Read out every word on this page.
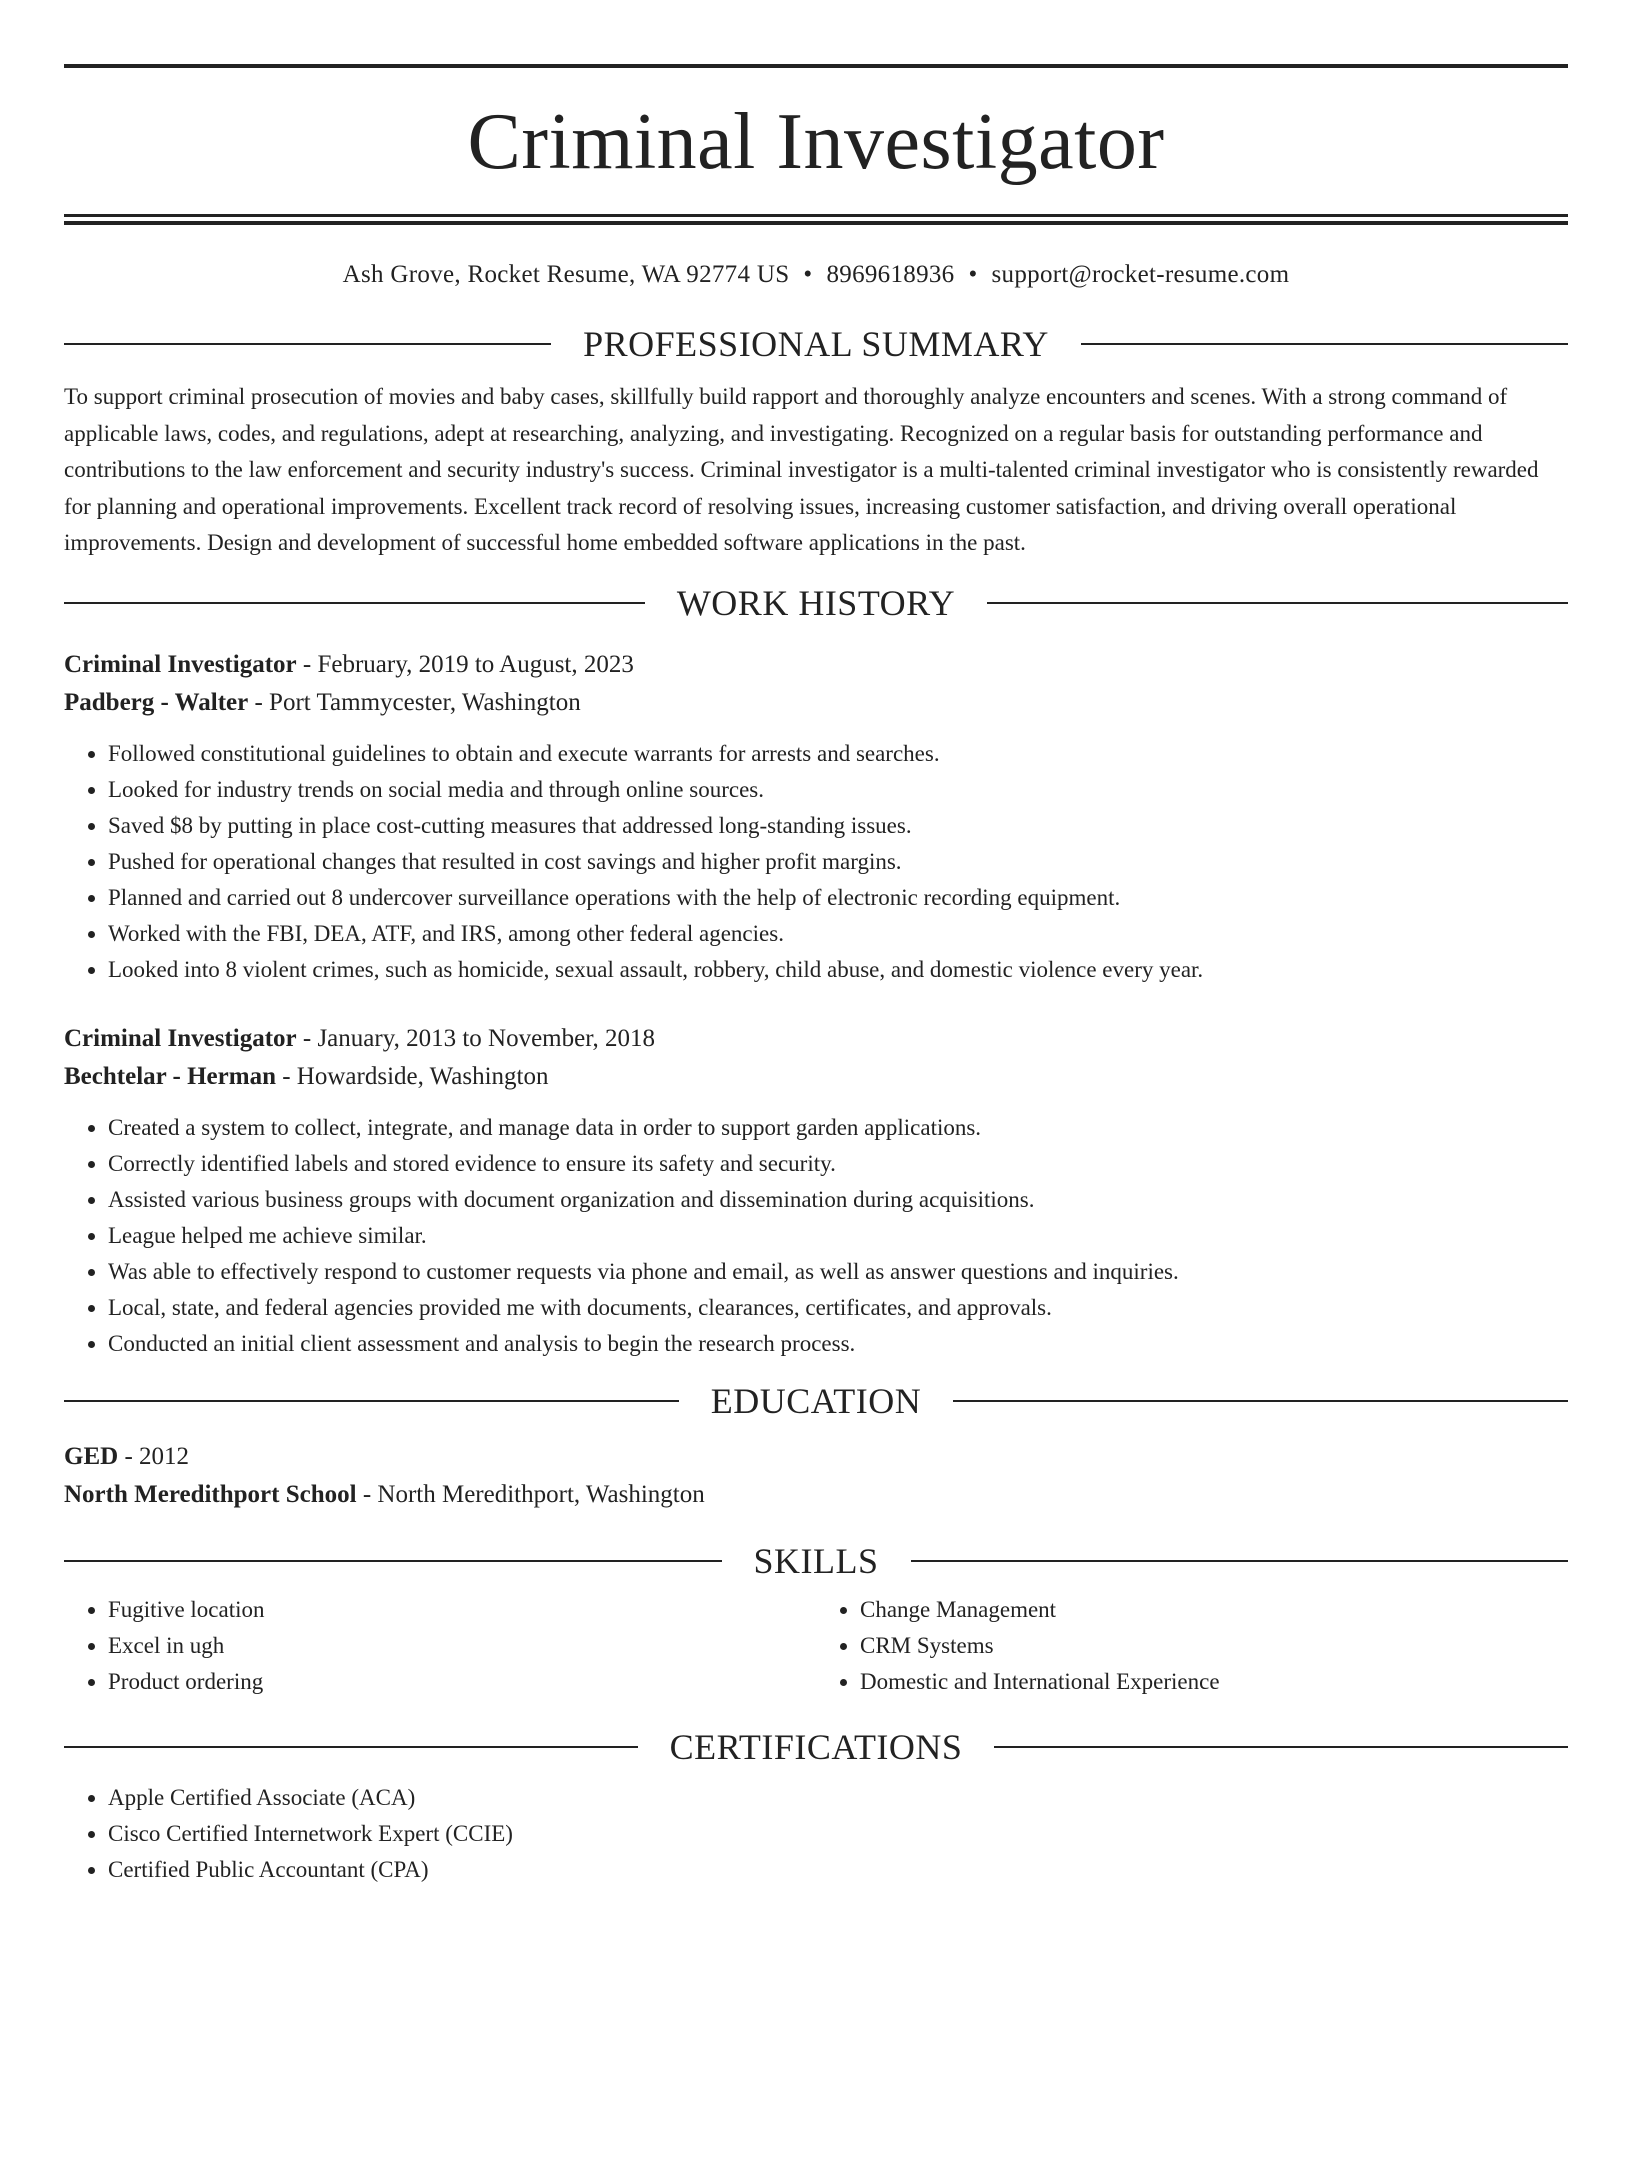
Criminal Investigator
Ash Grove, Rocket Resume, WA 92774 US • 8969618936 • support@rocket-resume.com
PROFESSIONAL SUMMARY
To support criminal prosecution of movies and baby cases, skillfully build rapport and thoroughly analyze encounters and scenes. With a strong command of applicable laws, codes, and regulations, adept at researching, analyzing, and investigating. Recognized on a regular basis for outstanding performance and contributions to the law enforcement and security industry's success. Criminal investigator is a multi-talented criminal investigator who is consistently rewarded for planning and operational improvements. Excellent track record of resolving issues, increasing customer satisfaction, and driving overall operational improvements. Design and development of successful home embedded software applications in the past.
WORK HISTORY
Criminal Investigator - February, 2019 to August, 2023
Padberg - Walter - Port Tammycester, Washington
• Followed constitutional guidelines to obtain and execute warrants for arrests and searches.
• Looked for industry trends on social media and through online sources.
• Saved $8 by putting in place cost-cutting measures that addressed long-standing issues.
• Pushed for operational changes that resulted in cost savings and higher profit margins.
• Planned and carried out 8 undercover surveillance operations with the help of electronic recording equipment.
• Worked with the FBI, DEA, ATF, and IRS, among other federal agencies.
• Looked into 8 violent crimes, such as homicide, sexual assault, robbery, child abuse, and domestic violence every year.
Criminal Investigator - January, 2013 to November, 2018
Bechtelar - Herman - Howardside, Washington
• Created a system to collect, integrate, and manage data in order to support garden applications.
• Correctly identified labels and stored evidence to ensure its safety and security.
• Assisted various business groups with document organization and dissemination during acquisitions.
• League helped me achieve similar.
• Was able to effectively respond to customer requests via phone and email, as well as answer questions and inquiries.
• Local, state, and federal agencies provided me with documents, clearances, certificates, and approvals.
• Conducted an initial client assessment and analysis to begin the research process.
EDUCATION
GED - 2012
North Meredithport School - North Meredithport, Washington
SKILLS
• Fugitive location
• Excel in ugh
• Product ordering
• Change Management
• CRM Systems
• Domestic and International Experience
CERTIFICATIONS
• Apple Certified Associate (ACA)
• Cisco Certified Internetwork Expert (CCIE)
• Certified Public Accountant (CPA)
